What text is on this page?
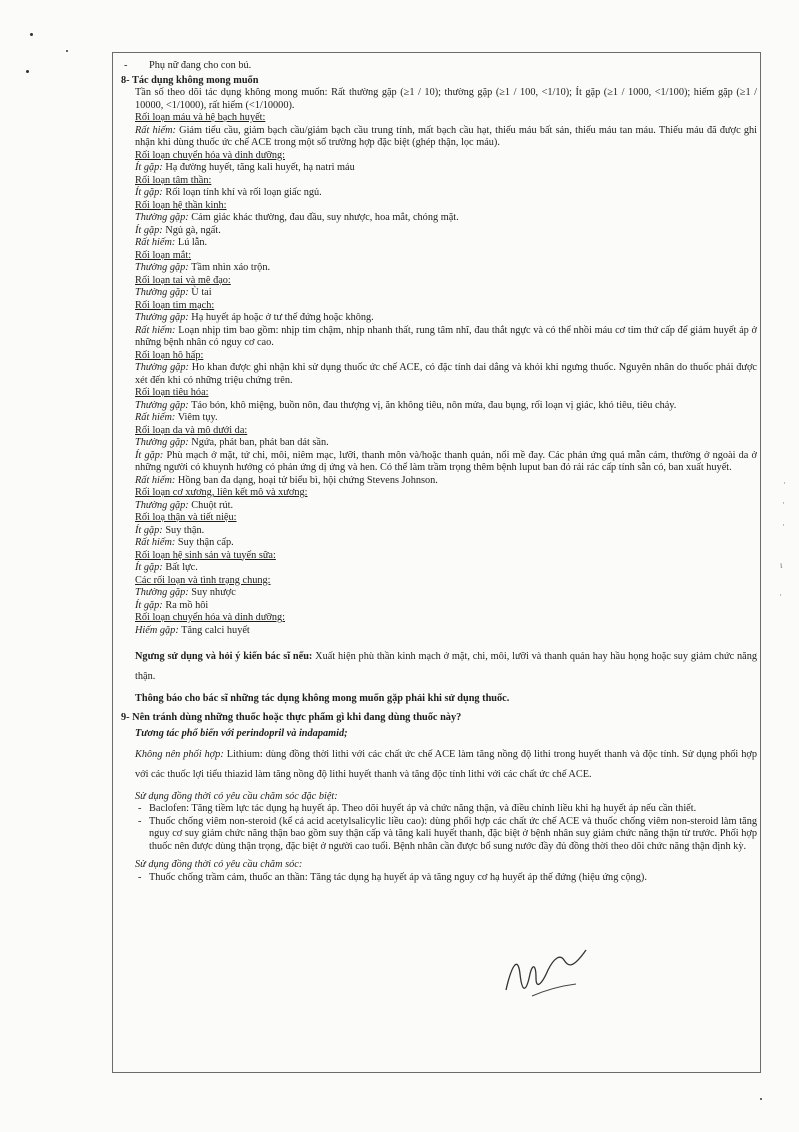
·
·
·
ι
·

- Phụ nữ đang cho con bú.

8- Tác dụng không mong muốn

Tần số theo dõi tác dụng không mong muốn: Rất thường gặp (≥1 / 10); thường gặp (≥1 / 100, <1/10); Ít gặp (≥1 / 1000, <1/100); hiếm gặp (≥1 / 10000, <1/1000), rất hiếm (<1/10000).

Rối loạn máu và hệ bạch huyết:

Rất hiếm: Giảm tiểu cầu, giảm bạch cầu/giảm bạch cầu trung tính, mất bạch cầu hạt, thiếu máu bất sản, thiếu máu tan máu. Thiếu máu đã được ghi nhận khi dùng thuốc ức chế ACE trong một số trường hợp đặc biệt (ghép thận, lọc máu).

Rối loạn chuyển hóa và dinh dưỡng:

Ít gặp: Hạ đường huyết, tăng kali huyết, hạ natri máu

Rối loạn tâm thần:

Ít gặp: Rối loạn tính khí và rối loạn giấc ngủ.

Rối loạn hệ thần kinh:

Thường gặp: Cảm giác khác thường, đau đầu, suy nhược, hoa mắt, chóng mặt.

Ít gặp: Ngủ gà, ngất.

Rất hiếm: Lú lẫn.

Rối loạn mắt:

Thường gặp: Tầm nhìn xáo trộn.

Rối loạn tai và mê đạo:

Thường gặp: Ù tai

Rối loạn tim mạch:

Thường gặp: Hạ huyết áp hoặc ở tư thế đứng hoặc không.

Rất hiếm: Loạn nhịp tim bao gồm: nhịp tim chậm, nhịp nhanh thất, rung tâm nhĩ, đau thắt ngực và có thể nhồi máu cơ tim thứ cấp để giảm huyết áp ở những bệnh nhân có nguy cơ cao.

Rối loạn hô hấp:

Thường gặp: Ho khan được ghi nhận khi sử dụng thuốc ức chế ACE, có đặc tính dai dẳng và khỏi khi ngưng thuốc. Nguyên nhân do thuốc phải được xét đến khi có những triệu chứng trên.

Rối loạn tiêu hóa:

Thường gặp: Táo bón, khô miệng, buồn nôn, đau thượng vị, ăn không tiêu, nôn mửa, đau bụng, rối loạn vị giác, khó tiêu, tiêu chảy.

Rất hiếm: Viêm tụy.

Rối loạn da và mô dưới da:

Thường gặp: Ngứa, phát ban, phát ban dát sần.

Ít gặp: Phù mạch ở mặt, tứ chi, môi, niêm mạc, lưỡi, thanh môn và/hoặc thanh quản, nổi mề đay. Các phản ứng quá mẫn cảm, thường ở ngoài da ở những người có khuynh hướng có phản ứng dị ứng và hen. Có thể làm trầm trọng thêm bệnh luput ban đỏ rải rác cấp tính sẵn có, ban xuất huyết.

Rất hiếm: Hồng ban đa dạng, hoại tử biểu bì, hội chứng Stevens Johnson.

Rối loạn cơ xương, liên kết mô và xương:

Thường gặp: Chuột rút.

Rối loạ thận và tiết niệu:

Ít gặp: Suy thận.

Rất hiếm: Suy thận cấp.

Rối loạn hệ sinh sản và tuyến sữa:

Ít gặp: Bất lực.

Các rối loạn và tình trạng chung:

Thường gặp: Suy nhược

Ít gặp: Ra mồ hôi

Rối loạn chuyển hóa và dinh dưỡng:

Hiếm gặp: Tăng calci huyết

Ngưng sử dụng và hỏi ý kiến bác sĩ nếu: Xuất hiện phù thần kinh mạch ở mặt, chi, môi, lưỡi và thanh quản hay hầu họng hoặc suy giảm chức năng thận.

Thông báo cho bác sĩ những tác dụng không mong muốn gặp phải khi sử dụng thuốc.

9- Nên tránh dùng những thuốc hoặc thực phẩm gì khi đang dùng thuốc này?

Tương tác phổ biến với perindopril và indapamid;

Không nên phối hợp: Lithium: dùng đồng thời lithi với các chất ức chế ACE làm tăng nồng độ lithi trong huyết thanh và độc tính. Sử dụng phối hợp với các thuốc lợi tiểu thiazid làm tăng nồng độ lithi huyết thanh và tăng độc tính lithi với các chất ức chế ACE.

Sử dụng đồng thời có yêu cầu chăm sóc đặc biệt:

- Baclofen: Tăng tiềm lực tác dụng hạ huyết áp. Theo dõi huyết áp và chức năng thận, và điều chỉnh liều khi hạ huyết áp nếu cần thiết.

- Thuốc chống viêm non-steroid (kể cả acid acetylsalicylic liều cao): dùng phối hợp các chất ức chế ACE và thuốc chống viêm non-steroid làm tăng nguy cơ suy giảm chức năng thận bao gồm suy thận cấp và tăng kali huyết thanh, đặc biệt ở bệnh nhân suy giảm chức năng thận từ trước. Phối hợp thuốc nên được dùng thận trọng, đặc biệt ở người cao tuổi. Bệnh nhân cần được bổ sung nước đầy đủ đồng thời theo dõi chức năng thận định kỳ.

Sử dụng đồng thời có yêu cầu chăm sóc:

- Thuốc chống trầm cảm, thuốc an thần: Tăng tác dụng hạ huyết áp và tăng nguy cơ hạ huyết áp thế đứng (hiệu ứng cộng).
